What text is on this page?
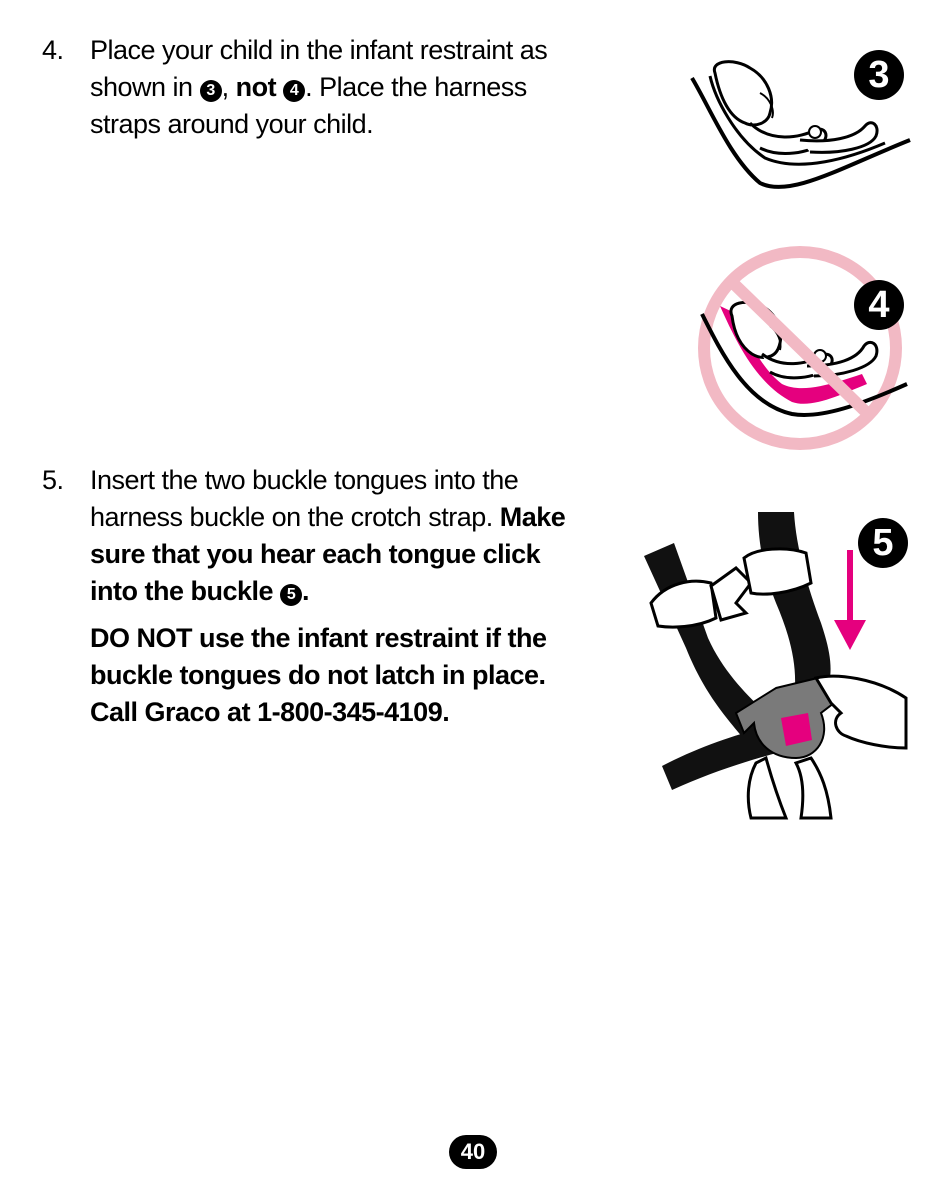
4. Place your child in the infant restraint as
shown in 3 , not 4 . Place the harness
straps around your child.
5. Insert the two buckle tongues into the
harness buckle on the crotch strap. Make
sure that you hear each tongue click
into the buckle 5 .
DO NOT use the infant restraint if the
buckle tongues do not latch in place.
Call Graco at 1-800-345-4109.
3
4
5
40
